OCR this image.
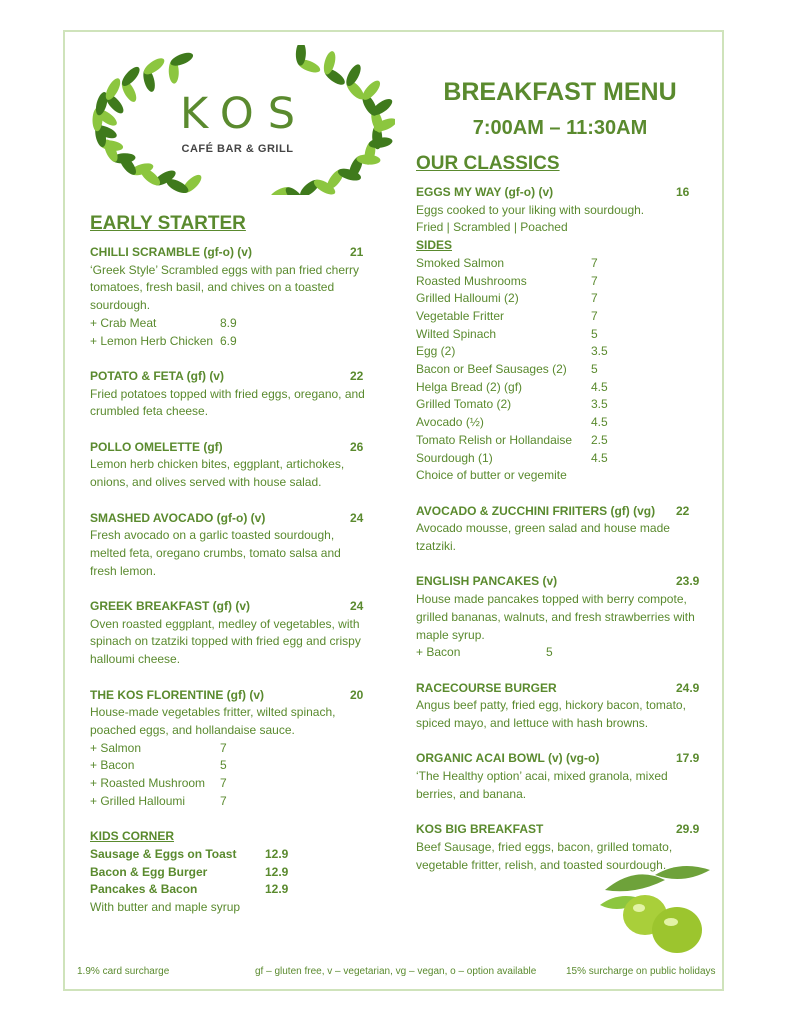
KOS
CAFÉ BAR & GRILL
BREAKFAST MENU
7:00AM – 11:30AM
EARLY STARTER
CHILLI SCRAMBLE (gf-o) (v)	21
‘Greek Style’ Scrambled eggs with pan fried cherry
tomatoes, fresh basil, and chives on a toasted
sourdough.
+ Crab Meat	8.9
+ Lemon Herb Chicken 6.9
POTATO & FETA (gf) (v)	22
Fried potatoes topped with fried eggs, oregano, and
crumbled feta cheese.
POLLO OMELETTE (gf)	26
Lemon herb chicken bites, eggplant, artichokes,
onions, and olives served with house salad.
SMASHED AVOCADO (gf-o) (v)	24
Fresh avocado on a garlic toasted sourdough,
melted feta, oregano crumbs, tomato salsa and
fresh lemon.
GREEK BREAKFAST (gf) (v)	24
Oven roasted eggplant, medley of vegetables, with
spinach on tzatziki topped with fried egg and crispy
halloumi cheese.
THE KOS FLORENTINE (gf) (v)	20
House-made vegetables fritter, wilted spinach,
poached eggs, and hollandaise sauce.
+ Salmon	7
+ Bacon	5
+ Roasted Mushroom	7
+ Grilled Halloumi	7
KIDS CORNER
Sausage & Eggs on Toast	12.9
Bacon & Egg Burger	12.9
Pancakes & Bacon	12.9
With butter and maple syrup
OUR CLASSICS
EGGS MY WAY (gf-o) (v)	16
Eggs cooked to your liking with sourdough.
Fried | Scrambled | Poached
SIDES
Smoked Salmon	7
Roasted Mushrooms	7
Grilled Halloumi (2)	7
Vegetable Fritter	7
Wilted Spinach	5
Egg (2)	3.5
Bacon or Beef Sausages (2)	5
Helga Bread (2) (gf)	4.5
Grilled Tomato (2)	3.5
Avocado (½)	4.5
Tomato Relish or Hollandaise	2.5
Sourdough (1)	4.5
Choice of butter or vegemite
AVOCADO & ZUCCHINI FRIITERS (gf) (vg)	22
Avocado mousse, green salad and house made
tzatziki.
ENGLISH PANCAKES (v)	23.9
House made pancakes topped with berry compote,
grilled bananas, walnuts, and fresh strawberries with
maple syrup.
+ Bacon	5
RACECOURSE BURGER	24.9
Angus beef patty, fried egg, hickory bacon, tomato,
spiced mayo, and lettuce with hash browns.
ORGANIC ACAI BOWL (v) (vg-o)	17.9
‘The Healthy option’ acai, mixed granola, mixed
berries, and banana.
KOS BIG BREAKFAST	29.9
Beef Sausage, fried eggs, bacon, grilled tomato,
vegetable fritter, relish, and toasted sourdough.
1.9% card surcharge	gf – gluten free, v – vegetarian, vg – vegan, o – option available	15% surcharge on public holidays
